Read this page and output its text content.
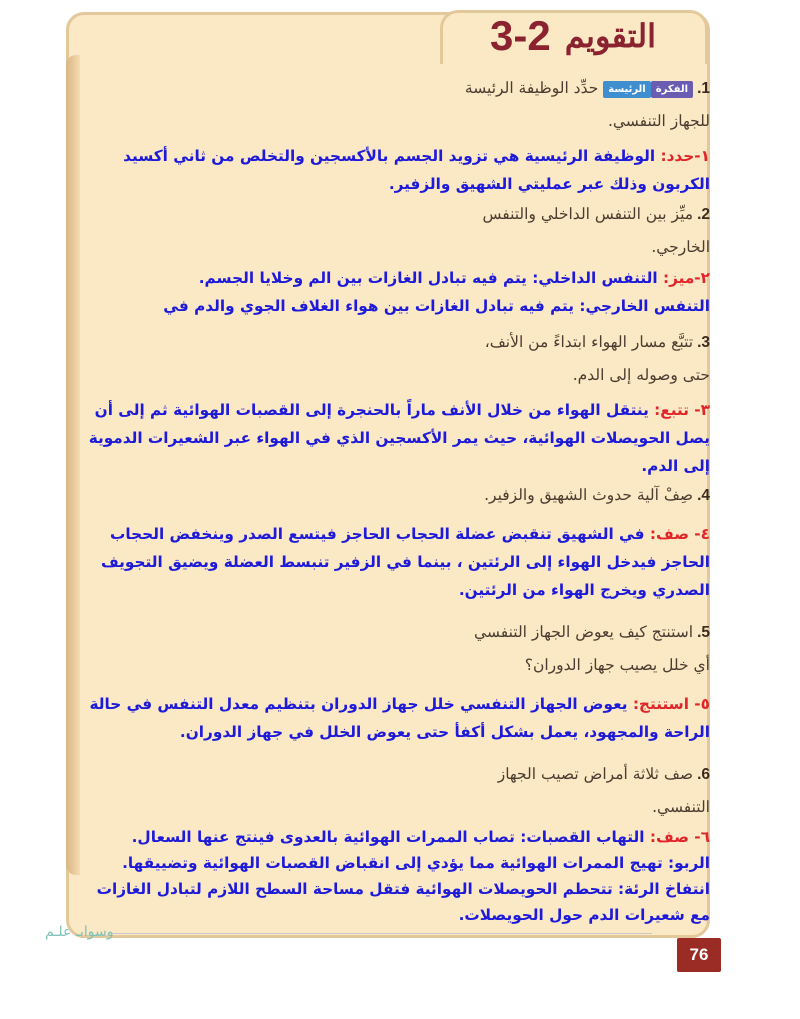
التقويم
3-2
1.الفكرةالرئيسة حدِّد الوظيفة الرئيسة
للجهاز التنفسي.

١-حدد: الوظيفة الرئيسية هي تزويد الجسم بالأكسجين والتخلص من ثاني أكسيد الكربون وذلك عبر عمليتي الشهيق والزفير.

2.ميِّز بين التنفس الداخلي والتنفس
الخارجي.

٢-ميز: التنفس الداخلي: يتم فيه تبادل الغازات بين الم وخلايا الجسم.

التنفس الخارجي: يتم فيه تبادل الغازات بين هواء الغلاف الجوي والدم في

3.تتبَّع مسار الهواء ابتداءً من الأنف،
حتى وصوله إلى الدم.

٣- تتبع: ينتقل الهواء من خلال الأنف ماراً بالحنجرة إلى القصبات الهوائية ثم إلى أن يصل الحويصلات الهوائية، حيث يمر الأكسجين الذي في الهواء عبر الشعيرات الدموية إلى الدم.

4.صِفْ آلية حدوث الشهيق والزفير.

٤- صف: في الشهيق تنقبض عضلة الحجاب الحاجز فيتسع الصدر وينخفض الحجاب الحاجز فيدخل الهواء إلى الرئتين ، بينما في الزفير تنبسط العضلة ويضيق التجويف الصدري ويخرج الهواء من الرئتين.

5.استنتج كيف يعوض الجهاز التنفسي
أي خلل يصيب جهاز الدوران؟

٥- استنتج: يعوض الجهاز التنفسي خلل جهاز الدوران بتنظيم معدل التنفس في حالة الراحة والمجهود، يعمل بشكل أكفأ حتى يعوض الخلل في جهاز الدوران.

6.صف ثلاثة أمراض تصيب الجهاز
التنفسي.

٦- صف: التهاب القصبات: تصاب الممرات الهوائية بالعدوى فينتج عنها السعال.

الربو: تهيج الممرات الهوائية مما يؤدي إلى انقباض القصبات الهوائية وتضييقها.

انتفاخ الرئة: تتحطم الحويصلات الهوائية فتقل مساحة السطح اللازم لتبادل الغازات مع شعيرات الدم حول الحويصلات.

وسوابـ علـم
76
